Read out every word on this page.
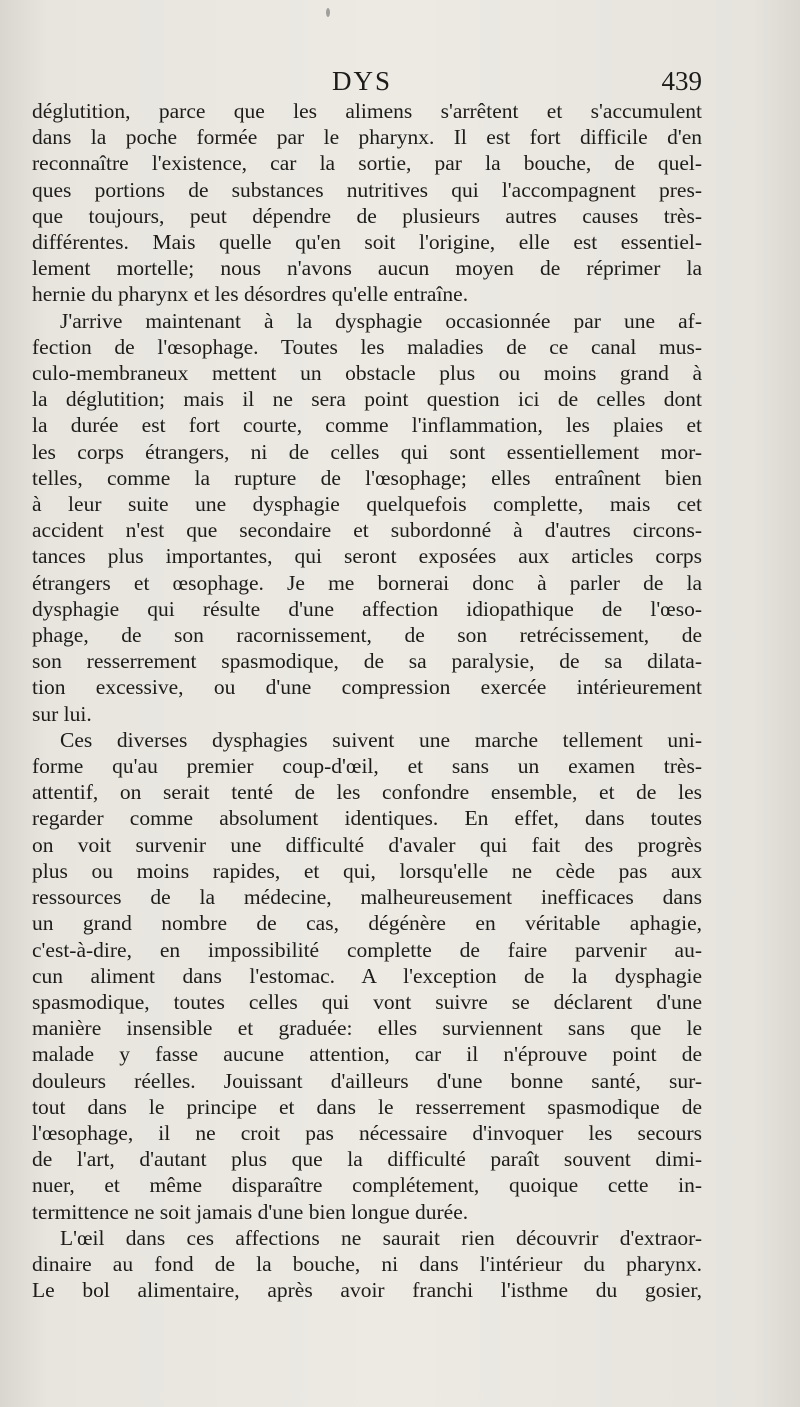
DYS	439
déglutition, parce que les alimens s'arrêtent et s'accumulent
dans la poche formée par le pharynx. Il est fort difficile d'en
reconnaître l'existence, car la sortie, par la bouche, de quel-
ques portions de substances nutritives qui l'accompagnent pres-
que toujours, peut dépendre de plusieurs autres causes très-
différentes. Mais quelle qu'en soit l'origine, elle est essentiel-
lement mortelle; nous n'avons aucun moyen de réprimer la
hernie du pharynx et les désordres qu'elle entraîne.
J'arrive maintenant à la dysphagie occasionnée par une af-
fection de l'œsophage. Toutes les maladies de ce canal mus-
culo-membraneux mettent un obstacle plus ou moins grand à
la déglutition; mais il ne sera point question ici de celles dont
la durée est fort courte, comme l'inflammation, les plaies et
les corps étrangers, ni de celles qui sont essentiellement mor-
telles, comme la rupture de l'œsophage; elles entraînent bien
à leur suite une dysphagie quelquefois complette, mais cet
accident n'est que secondaire et subordonné à d'autres circons-
tances plus importantes, qui seront exposées aux articles corps
étrangers et œsophage. Je me bornerai donc à parler de la
dysphagie qui résulte d'une affection idiopathique de l'œso-
phage, de son racornissement, de son retrécissement, de
son resserrement spasmodique, de sa paralysie, de sa dilata-
tion excessive, ou d'une compression exercée intérieurement
sur lui.
Ces diverses dysphagies suivent une marche tellement uni-
forme qu'au premier coup-d'œil, et sans un examen très-
attentif, on serait tenté de les confondre ensemble, et de les
regarder comme absolument identiques. En effet, dans toutes
on voit survenir une difficulté d'avaler qui fait des progrès
plus ou moins rapides, et qui, lorsqu'elle ne cède pas aux
ressources de la médecine, malheureusement inefficaces dans
un grand nombre de cas, dégénère en véritable aphagie,
c'est-à-dire, en impossibilité complette de faire parvenir au-
cun aliment dans l'estomac. A l'exception de la dysphagie
spasmodique, toutes celles qui vont suivre se déclarent d'une
manière insensible et graduée: elles surviennent sans que le
malade y fasse aucune attention, car il n'éprouve point de
douleurs réelles. Jouissant d'ailleurs d'une bonne santé, sur-
tout dans le principe et dans le resserrement spasmodique de
l'œsophage, il ne croit pas nécessaire d'invoquer les secours
de l'art, d'autant plus que la difficulté paraît souvent dimi-
nuer, et même disparaître complétement, quoique cette in-
termittence ne soit jamais d'une bien longue durée.
L'œil dans ces affections ne saurait rien découvrir d'extraor-
dinaire au fond de la bouche, ni dans l'intérieur du pharynx.
Le bol alimentaire, après avoir franchi l'isthme du gosier,
